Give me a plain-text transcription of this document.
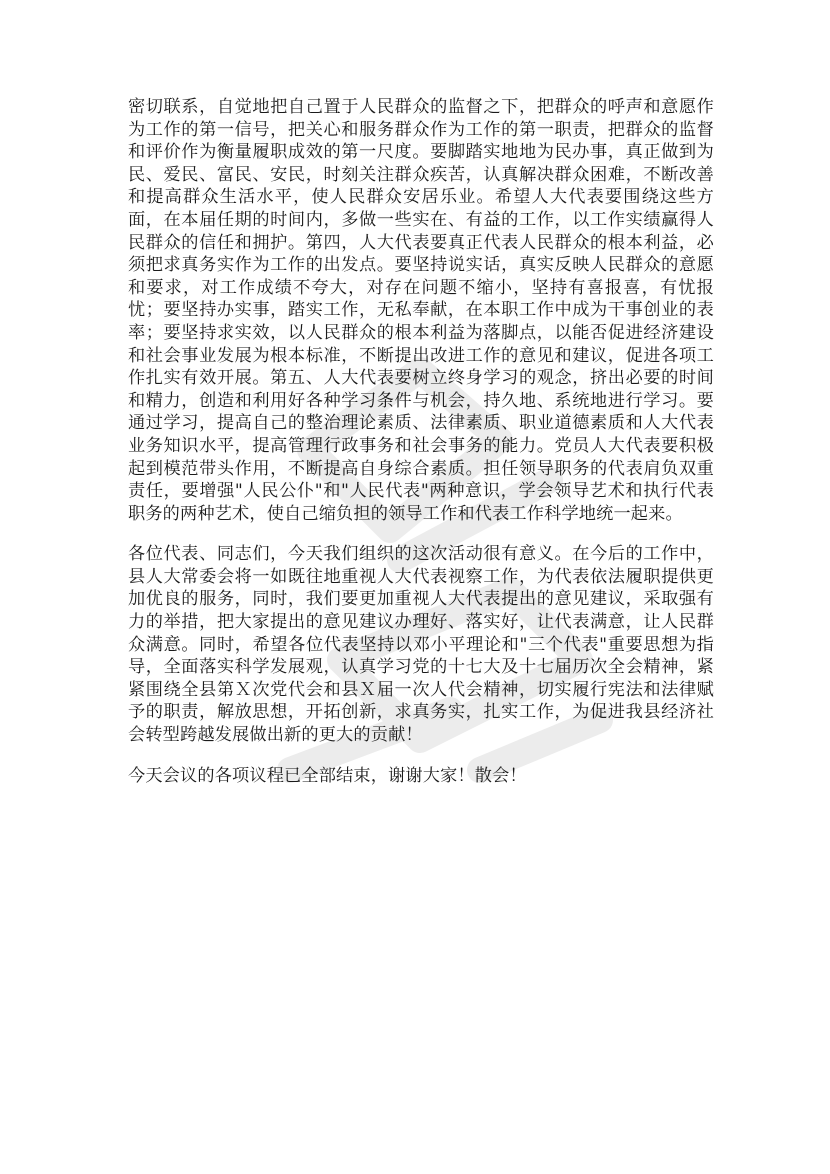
密切联系，自觉地把自己置于人民群众的监督之下，把群众的呼声和意愿作为工作的第一信号，把关心和服务群众作为工作的第一职责，把群众的监督和评价作为衡量履职成效的第一尺度。要脚踏实地地为民办事，真正做到为民、爱民、富民、安民，时刻关注群众疾苦，认真解决群众困难，不断改善和提高群众生活水平，使人民群众安居乐业。希望人大代表要围绕这些方面，在本届任期的时间内，多做一些实在、有益的工作，以工作实绩赢得人民群众的信任和拥护。第四，人大代表要真正代表人民群众的根本利益，必须把求真务实作为工作的出发点。要坚持说实话，真实反映人民群众的意愿和要求，对工作成绩不夸大，对存在问题不缩小，坚持有喜报喜，有忧报忧；要坚持办实事，踏实工作，无私奉献，在本职工作中成为干事创业的表率；要坚持求实效，以人民群众的根本利益为落脚点，以能否促进经济建设和社会事业发展为根本标准，不断提出改进工作的意见和建议，促进各项工作扎实有效开展。第五、人大代表要树立终身学习的观念，挤出必要的时间和精力，创造和利用好各种学习条件与机会，持久地、系统地进行学习。要通过学习，提高自己的整治理论素质、法律素质、职业道德素质和人大代表业务知识水平，提高管理行政事务和社会事务的能力。党员人大代表要积极起到模范带头作用，不断提高自身综合素质。担任领导职务的代表肩负双重责任，要增强"人民公仆"和"人民代表"两种意识，学会领导艺术和执行代表职务的两种艺术，使自己缩负担的领导工作和代表工作科学地统一起来。

各位代表、同志们，今天我们组织的这次活动很有意义。在今后的工作中，县人大常委会将一如既往地重视人大代表视察工作，为代表依法履职提供更加优良的服务，同时，我们要更加重视人大代表提出的意见建议，采取强有力的举措，把大家提出的意见建议办理好、落实好，让代表满意，让人民群众满意。同时，希望各位代表坚持以邓小平理论和"三个代表"重要思想为指导，全面落实科学发展观，认真学习党的十七大及十七届历次全会精神，紧紧围绕全县第Ｘ次党代会和县Ｘ届一次人代会精神，切实履行宪法和法律赋予的职责，解放思想，开拓创新，求真务实，扎实工作，为促进我县经济社会转型跨越发展做出新的更大的贡献！

今天会议的各项议程已全部结束，谢谢大家！散会！
